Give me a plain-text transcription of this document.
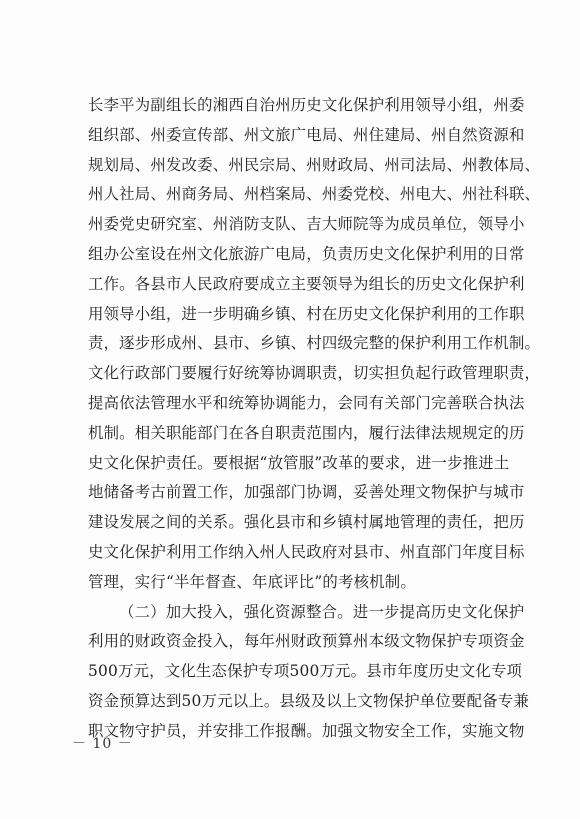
长李平为副组长的湘西自治州历史文化保护利用领导小组，州委
组织部、州委宣传部、州文旅广电局、州住建局、州自然资源和
规划局、州发改委、州民宗局、州财政局、州司法局、州教体局、
州人社局、州商务局、州档案局、州委党校、州电大、州社科联、
州委党史研究室、州消防支队、吉大师院等为成员单位，领导小
组办公室设在州文化旅游广电局，负责历史文化保护利用的日常
工作。各县市人民政府要成立主要领导为组长的历史文化保护利
用领导小组，进一步明确乡镇、村在历史文化保护利用的工作职
责，逐步形成州、县市、乡镇、村四级完整的保护利用工作机制。
文化行政部门要履行好统筹协调职责，切实担负起行政管理职责，
提高依法管理水平和统筹协调能力，会同有关部门完善联合执法
机制。相关职能部门在各自职责范围内，履行法律法规规定的历
史文化保护责任。要根据“放管服”改革的要求，进一步推进土
地储备考古前置工作，加强部门协调，妥善处理文物保护与城市
建设发展之间的关系。强化县市和乡镇村属地管理的责任，把历
史文化保护利用工作纳入州人民政府对县市、州直部门年度目标
管理，实行“半年督查、年底评比”的考核机制。
（二）加大投入，强化资源整合。进一步提高历史文化保护
利用的财政资金投入，每年州财政预算州本级文物保护专项资金
500万元，文化生态保护专项500万元。县市年度历史文化专项
资金预算达到50万元以上。县级及以上文物保护单位要配备专兼
职文物守护员，并安排工作报酬。加强文物安全工作，实施文物
－ 10 －
